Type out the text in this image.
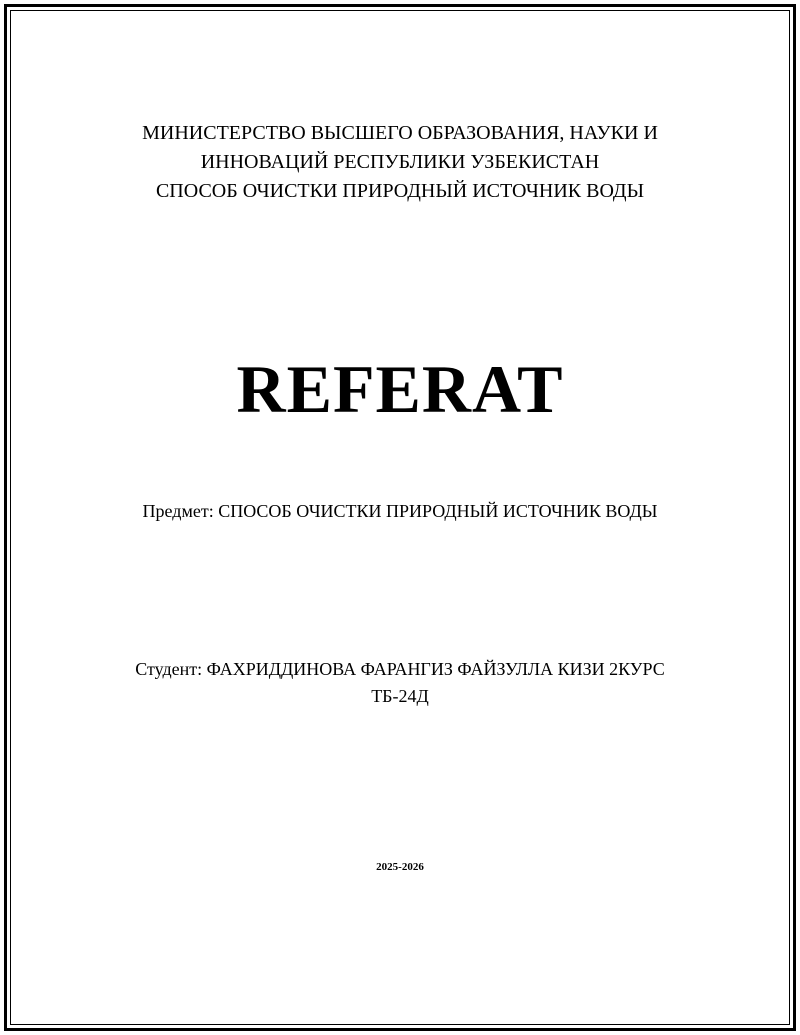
МИНИСТЕРСТВО ВЫСШЕГО ОБРАЗОВАНИЯ, НАУКИ И
ИННОВАЦИЙ РЕСПУБЛИКИ УЗБЕКИСТАН
СПОСОБ ОЧИСТКИ ПРИРОДНЫЙ ИСТОЧНИК ВОДЫ
REFERAT
Предмет: СПОСОБ ОЧИСТКИ ПРИРОДНЫЙ ИСТОЧНИК ВОДЫ
Студент: ФАХРИДДИНОВА ФАРАНГИЗ ФАЙЗУЛЛА КИЗИ 2КУРС ТБ-24Д
2025-2026
